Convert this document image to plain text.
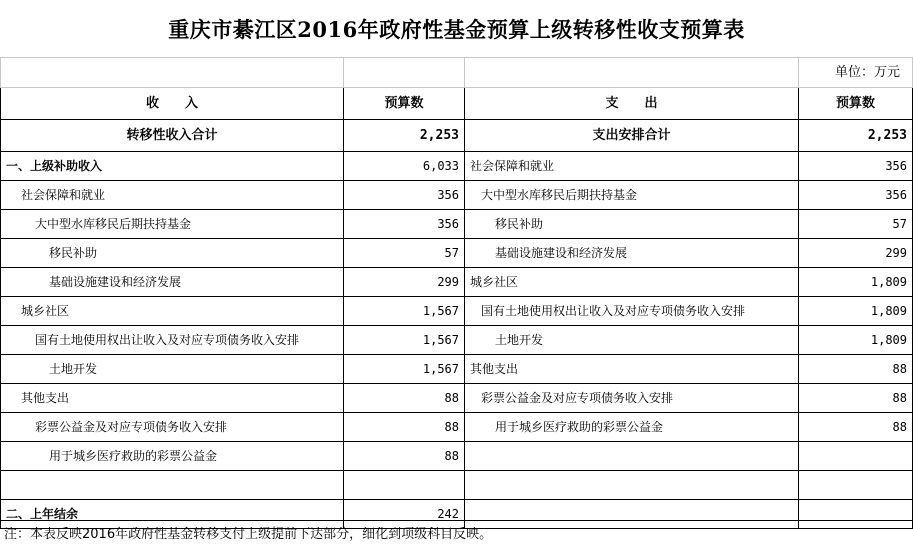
重庆市綦江区2016年政府性基金预算上级转移性收支预算表
			单位：万元
收　　入	预算数	支　　出	预算数
转移性收入合计	2,253	支出安排合计	2,253
一、上级补助收入	6,033	社会保障和就业	356
社会保障和就业	356	大中型水库移民后期扶持基金	356
大中型水库移民后期扶持基金	356	移民补助	57
移民补助	57	基础设施建设和经济发展	299
基础设施建设和经济发展	299	城乡社区	1,809
城乡社区	1,567	国有土地使用权出让收入及对应专项债务收入安排	1,809
国有土地使用权出让收入及对应专项债务收入安排	1,567	土地开发	1,809
土地开发	1,567	其他支出	88
其他支出	88	彩票公益金及对应专项债务收入安排	88
彩票公益金及对应专项债务收入安排	88	用于城乡医疗救助的彩票公益金	88
用于城乡医疗救助的彩票公益金	88		

二、上年结余	242		
注：本表反映2016年政府性基金转移支付上级提前下达部分，细化到项级科目反映。
